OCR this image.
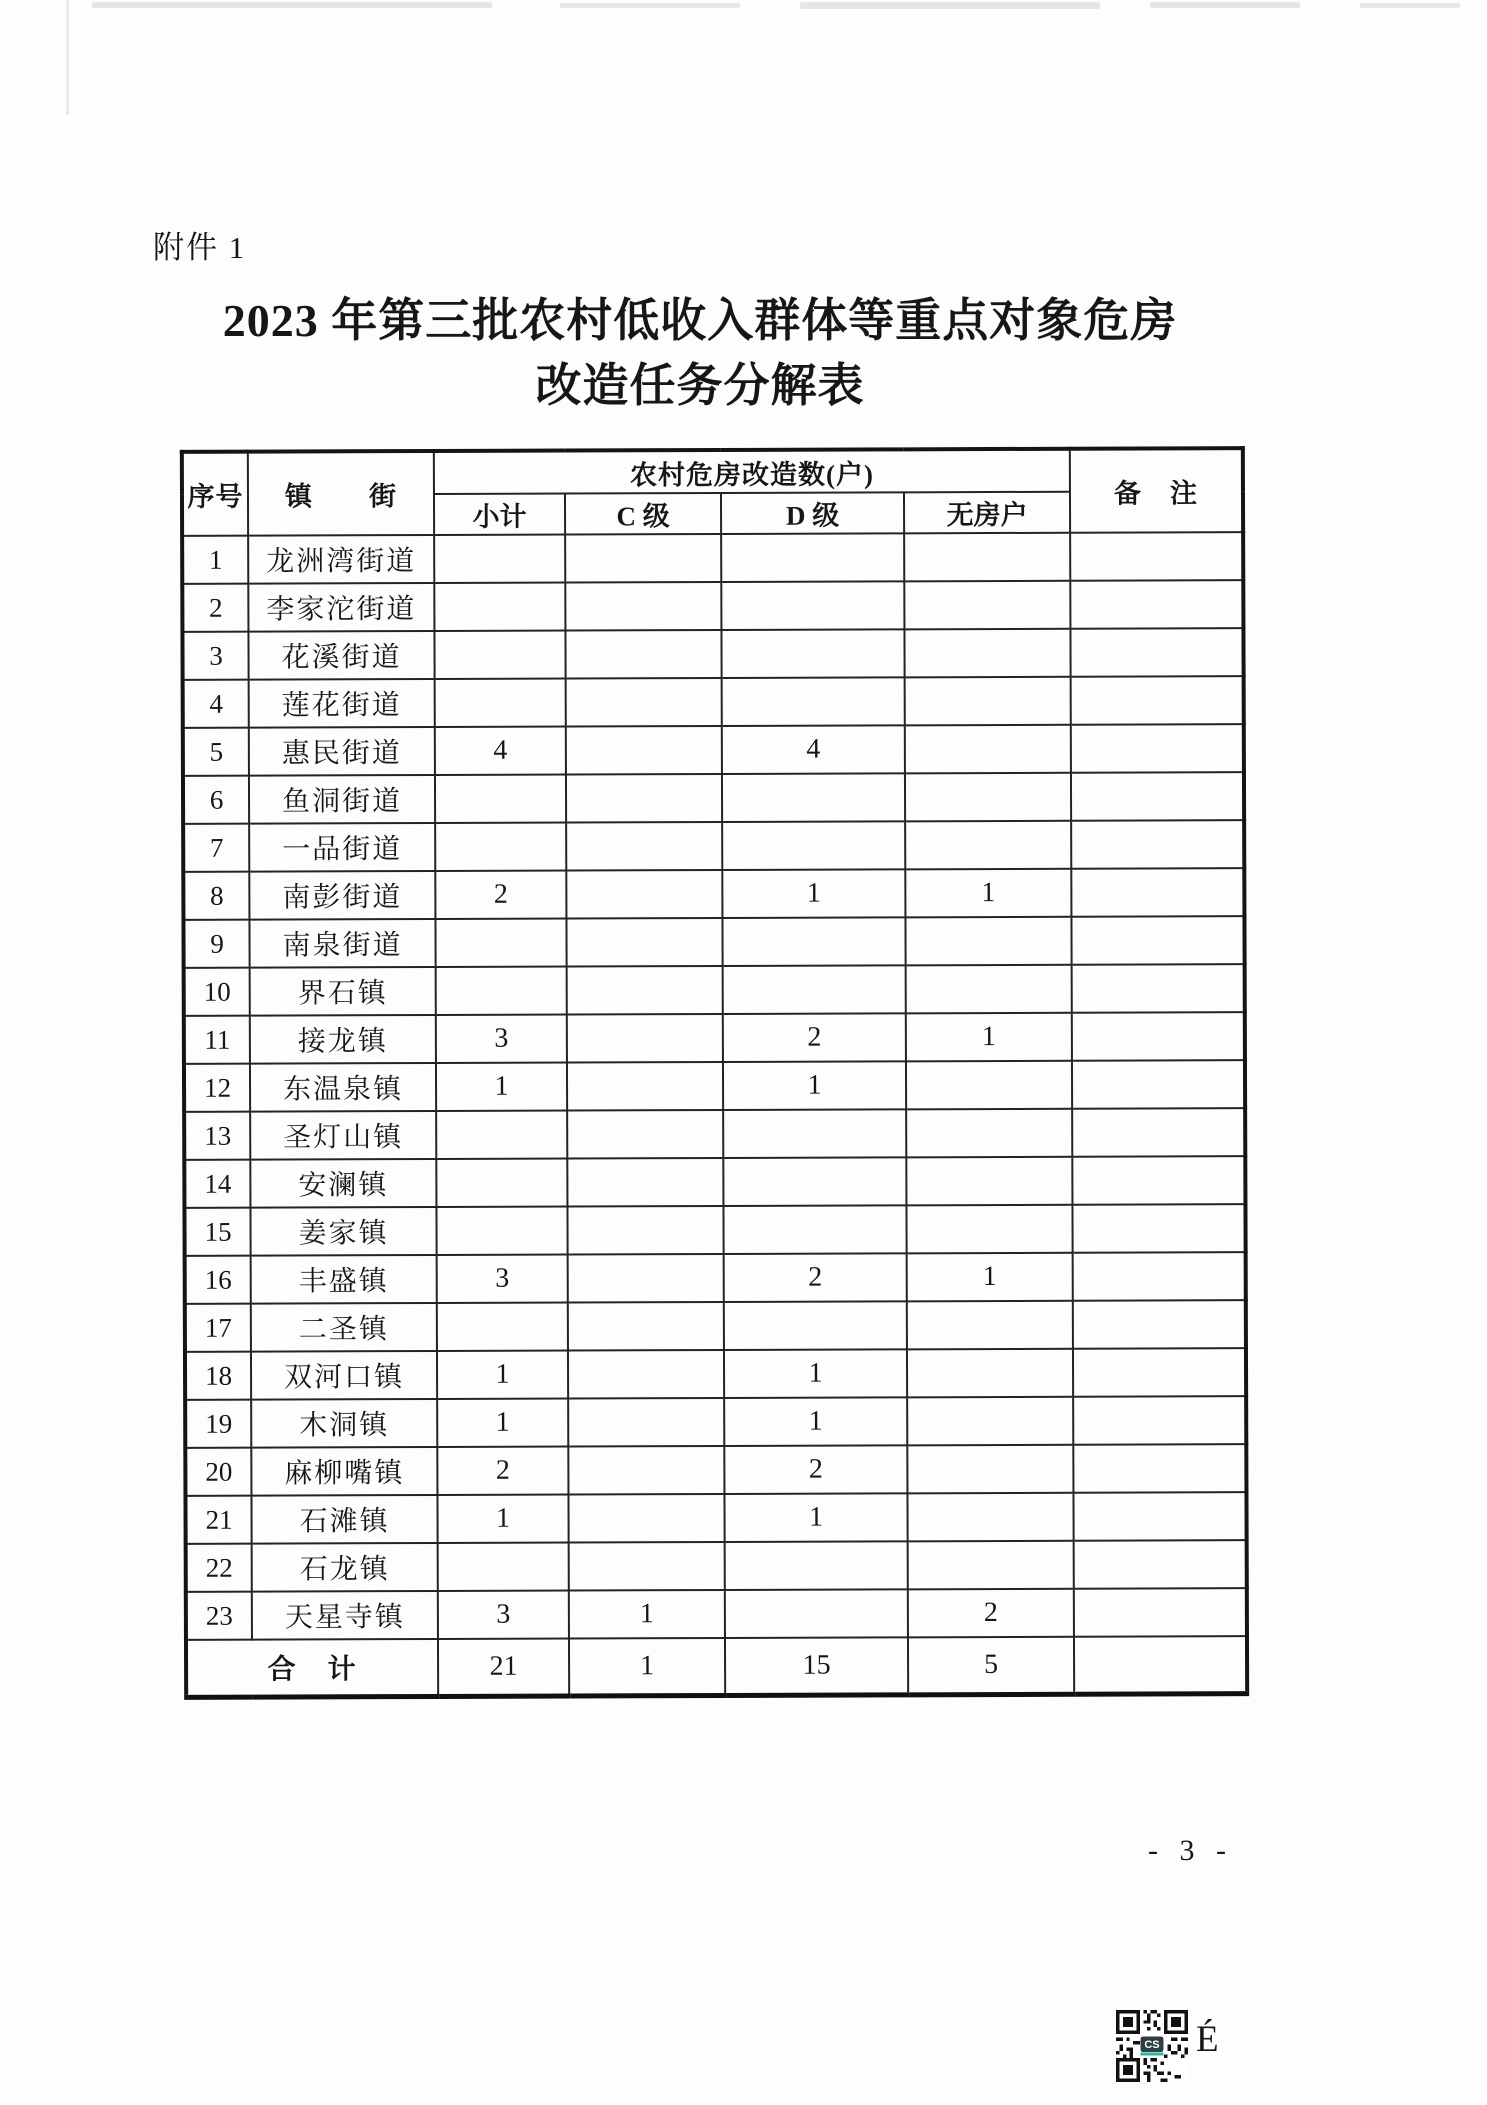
附件 1
2023 年第三批农村低收入群体等重点对象危房
改造任务分解表
序号	镇　　街	农村危房改造数(户)				备　注
		小计	C 级	D 级	无房户	
1	龙洲湾街道					
2	李家沱街道					
3	花溪街道					
4	莲花街道					
5	惠民街道	4		4		
6	鱼洞街道					
7	一品街道					
8	南彭街道	2		1	1	
9	南泉街道					
10	界石镇					
11	接龙镇	3		2	1	
12	东温泉镇	1		1		
13	圣灯山镇					
14	安澜镇					
15	姜家镇					
16	丰盛镇	3		2	1	
17	二圣镇					
18	双河口镇	1		1		
19	木洞镇	1		1		
20	麻柳嘴镇	2		2		
21	石滩镇	1		1		
22	石龙镇					
23	天星寺镇	3	1		2	
合　计		21	1	15	5	
- 3 -
CS É
